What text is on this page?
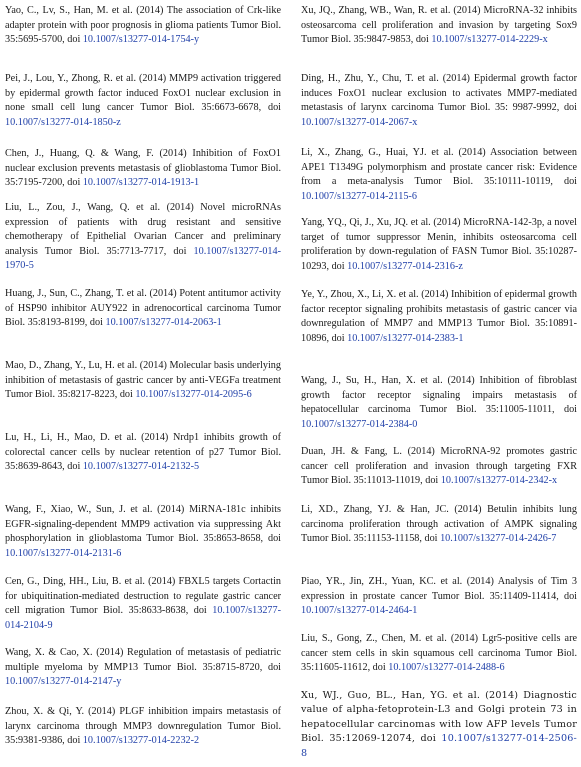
Yao, C., Lv, S., Han, M. et al. (2014) The association of Crk-like adapter protein with poor prognosis in glioma patients Tumor Biol. 35:5695-5700, doi 10.1007/s13277-014-1754-y

Pei, J., Lou, Y., Zhong, R. et al. (2014) MMP9 activation triggered by epidermal growth factor induced FoxO1 nuclear exclusion in none small cell lung cancer Tumor Biol. 35:6673-6678, doi 10.1007/s13277-014-1850-z

Chen, J., Huang, Q. & Wang, F. (2014) Inhibition of FoxO1 nuclear exclusion prevents metastasis of glioblastoma Tumor Biol. 35:7195-7200, doi 10.1007/s13277-014-1913-1

Liu, L., Zou, J., Wang, Q. et al. (2014) Novel microRNAs expression of patients with drug resistant and sensitive chemotherapy of Epithelial Ovarian Cancer and preliminary analysis Tumor Biol. 35:7713-7717, doi 10.1007/s13277-014-1970-5

Huang, J., Sun, C., Zhang, T. et al. (2014) Potent antitumor activity of HSP90 inhibitor AUY922 in adrenocortical carcinoma Tumor Biol. 35:8193-8199, doi 10.1007/s13277-014-2063-1

Mao, D., Zhang, Y., Lu, H. et al. (2014) Molecular basis underlying inhibition of metastasis of gastric cancer by anti-VEGFa treatment Tumor Biol. 35:8217-8223, doi 10.1007/s13277-014-2095-6

Lu, H., Li, H., Mao, D. et al. (2014) Nrdp1 inhibits growth of colorectal cancer cells by nuclear retention of p27 Tumor Biol. 35:8639-8643, doi 10.1007/s13277-014-2132-5

Wang, F., Xiao, W., Sun, J. et al. (2014) MiRNA-181c inhibits EGFR-signaling-dependent MMP9 activation via suppressing Akt phosphorylation in glioblastoma Tumor Biol. 35:8653-8658, doi 10.1007/s13277-014-2131-6

Cen, G., Ding, HH., Liu, B. et al. (2014) FBXL5 targets Cortactin for ubiquitination-mediated destruction to regulate gastric cancer cell migration Tumor Biol. 35:8633-8638, doi 10.1007/s13277-014-2104-9

Wang, X. & Cao, X. (2014) Regulation of metastasis of pediatric multiple myeloma by MMP13 Tumor Biol. 35:8715-8720, doi 10.1007/s13277-014-2147-y

Zhou, X. & Qi, Y. (2014) PLGF inhibition impairs metastasis of larynx carcinoma through MMP3 downregulation Tumor Biol. 35:9381-9386, doi 10.1007/s13277-014-2232-2

Xu, JQ., Zhang, WB., Wan, R. et al. (2014) MicroRNA-32 inhibits osteosarcoma cell proliferation and invasion by targeting Sox9 Tumor Biol. 35:9847-9853, doi 10.1007/s13277-014-2229-x

Ding, H., Zhu, Y., Chu, T. et al. (2014) Epidermal growth factor induces FoxO1 nuclear exclusion to activates MMP7-mediated metastasis of larynx carcinoma Tumor Biol. 35: 9987-9992, doi 10.1007/s13277-014-2067-x

Li, X., Zhang, G., Huai, YJ. et al. (2014) Association between APE1 T1349G polymorphism and prostate cancer risk: Evidence from a meta-analysis Tumor Biol. 35:10111-10119, doi 10.1007/s13277-014-2115-6

Yang, YQ., Qi, J., Xu, JQ. et al. (2014) MicroRNA-142-3p, a novel target of tumor suppressor Menin, inhibits osteosarcoma cell proliferation by down-regulation of FASN Tumor Biol. 35:10287-10293, doi 10.1007/s13277-014-2316-z

Ye, Y., Zhou, X., Li, X. et al. (2014) Inhibition of epidermal growth factor receptor signaling prohibits metastasis of gastric cancer via downregulation of MMP7 and MMP13 Tumor Biol. 35:10891-10896, doi 10.1007/s13277-014-2383-1

Wang, J., Su, H., Han, X. et al. (2014) Inhibition of fibroblast growth factor receptor signaling impairs metastasis of hepatocellular carcinoma Tumor Biol. 35:11005-11011, doi 10.1007/s13277-014-2384-0

Duan, JH. & Fang, L. (2014) MicroRNA-92 promotes gastric cancer cell proliferation and invasion through targeting FXR Tumor Biol. 35:11013-11019, doi 10.1007/s13277-014-2342-x

Li, XD., Zhang, YJ. & Han, JC. (2014) Betulin inhibits lung carcinoma proliferation through activation of AMPK signaling Tumor Biol. 35:11153-11158, doi 10.1007/s13277-014-2426-7

Piao, YR., Jin, ZH., Yuan, KC. et al. (2014) Analysis of Tim 3 expression in prostate cancer Tumor Biol. 35:11409-11414, doi 10.1007/s13277-014-2464-1

Liu, S., Gong, Z., Chen, M. et al. (2014) Lgr5-positive cells are cancer stem cells in skin squamous cell carcinoma Tumor Biol. 35:11605-11612, doi 10.1007/s13277-014-2488-6

Xu, WJ., Guo, BL., Han, YG. et al. (2014) Diagnostic value of alpha-fetoprotein-L3 and Golgi protein 73 in hepatocellular carcinomas with low AFP levels Tumor Biol. 35:12069-12074, doi 10.1007/s13277-014-2506-8
